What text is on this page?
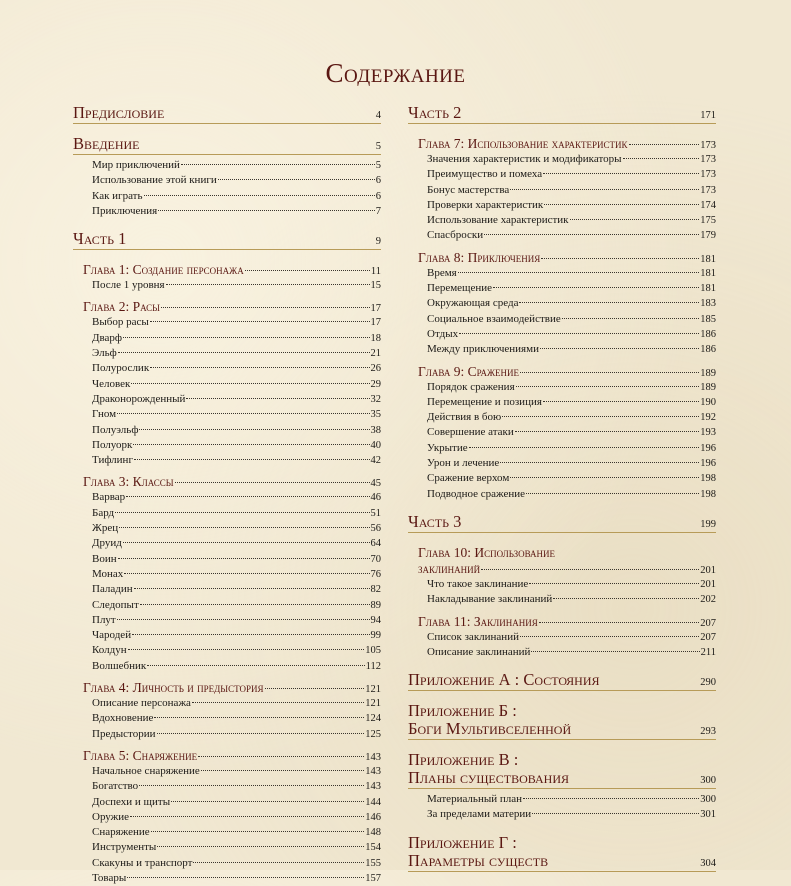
Содержание
Предисловие	4
Введение	5
Мир приключений	5
Использование этой книги	6
Как играть	6
Приключения	7
Часть 1	9
Глава 1: Создание персонажа	11
После 1 уровня	15
Глава 2: Расы	17
Выбор расы	17
Дварф	18
Эльф	21
Полурослик	26
Человек	29
Драконорожденный	32
Гном	35
Полуэльф	38
Полуорк	40
Тифлинг	42
Глава 3: Классы	45
Варвар	46
Бард	51
Жрец	56
Друид	64
Воин	70
Монах	76
Паладин	82
Следопыт	89
Плут	94
Чародей	99
Колдун	105
Волшебник	112
Глава 4: Личность и предыстория	121
Описание персонажа	121
Вдохновение	124
Предыстории	125
Глава 5: Снаряжение	143
Начальное снаряжение	143
Богатство	143
Доспехи и щиты	144
Оружие	146
Снаряжение	148
Инструменты	154
Скакуны и транспорт	155
Товары	157
Часть 2	171
Глава 7: Использование характеристик	173
Значения характеристик и модификаторы	173
Преимущество и помеха	173
Бонус мастерства	173
Проверки характеристик	174
Использование характеристик	175
Спасброски	179
Глава 8: Приключения	181
Время	181
Перемещение	181
Окружающая среда	183
Социальное взаимодействие	185
Отдых	186
Между приключениями	186
Глава 9: Сражение	189
Порядок сражения	189
Перемещение и позиция	190
Действия в бою	192
Совершение атаки	193
Укрытие	196
Урон и лечение	196
Сражение верхом	198
Подводное сражение	198
Часть 3	199
Глава 10: Использование
заклинаний	201
Что такое заклинание	201
Накладывание заклинаний	202
Глава 11: Заклинания	207
Список заклинаний	207
Описание заклинаний	211
Приложение А : Состояния	290
Приложение Б :
Боги Мультивселенной	293
Приложение В :
Планы существования	300
Материальный план	300
За пределами материи	301
Приложение Г :
Параметры существ	304
